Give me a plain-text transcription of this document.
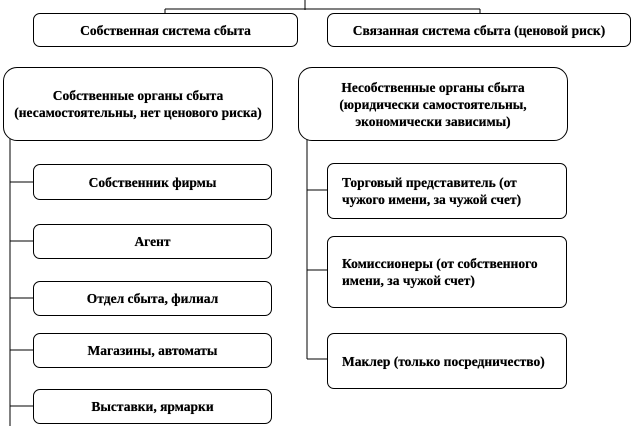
Собственная система сбыта	Связанная система сбыта (ценовой риск)
Собственные органы сбыта (несамостоятельны, нет ценового риска)
Несобственные органы сбыта (юридически самостоятельны, экономически зависимы)
Собственник фирмы
Агент
Отдел сбыта, филиал
Магазины, автоматы
Выставки, ярмарки
Торговый представитель (от чужого имени, за чужой счет)
Комиссионеры (от собственного имени, за чужой счет)
Маклер (только посредничество)
